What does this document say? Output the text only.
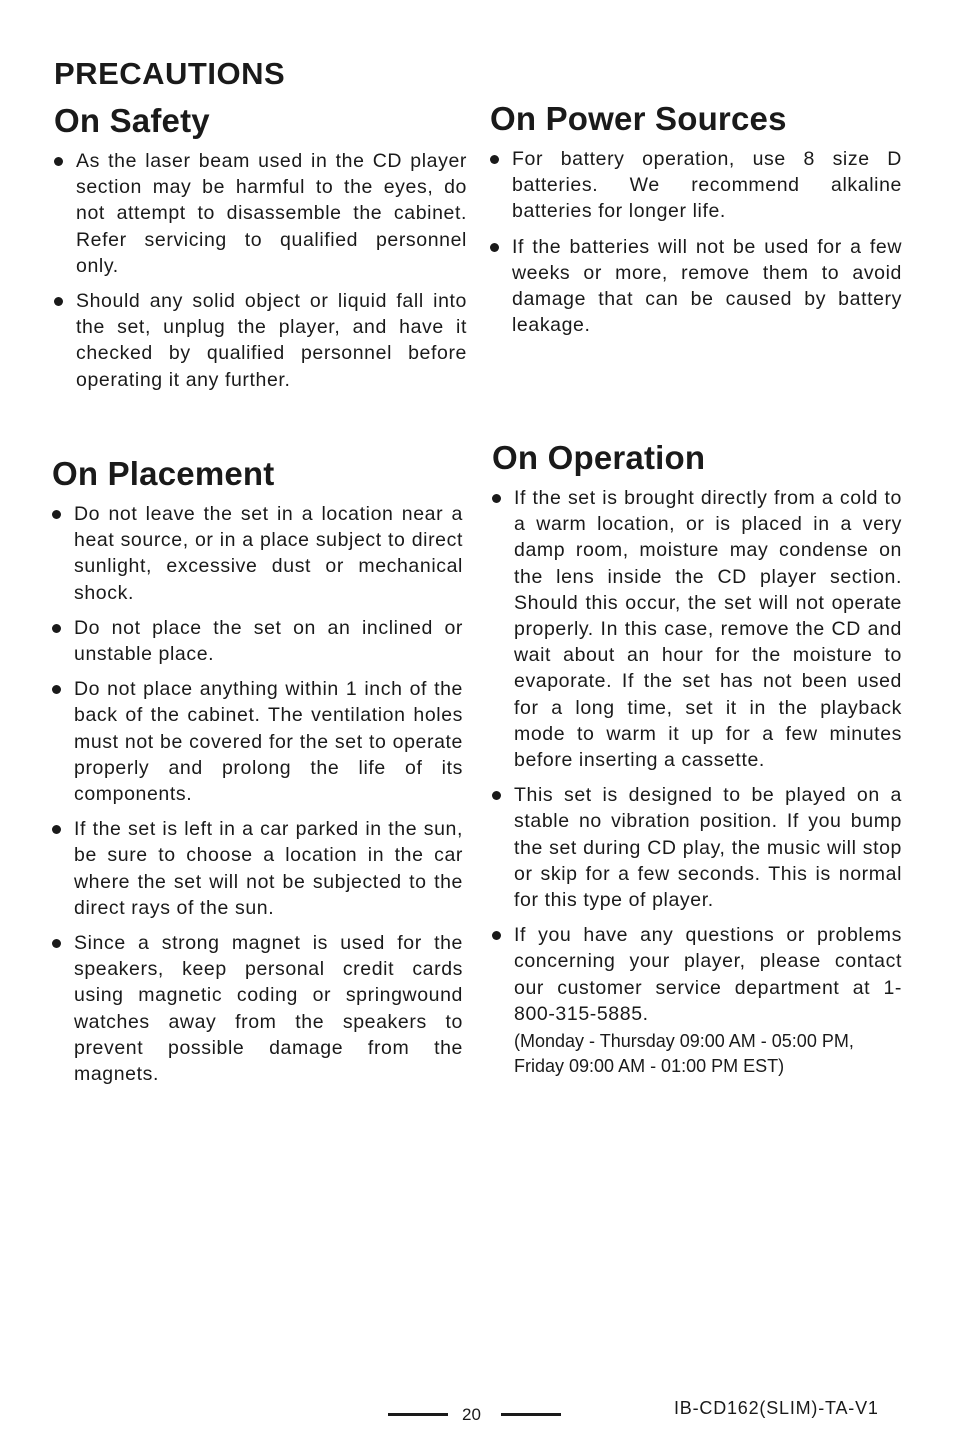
PRECAUTIONS
On Safety
As the laser beam used in the CD player section may be harmful to the eyes, do not attempt to disassemble the cabinet. Refer servicing to qualified personnel only.
Should any solid object or liquid fall into the set, unplug the player, and have it checked by qualified personnel before operating it any further.
On Power Sources
For battery operation, use 8 size D batteries. We recommend alkaline batteries for longer life.
If the batteries will not be used for a few weeks or more, remove them to avoid damage that can be caused by battery leakage.
On Placement
Do not leave the set in a location near a heat source, or in a place subject to direct sunlight, excessive dust or mechanical shock.
Do not place the set on an inclined or unstable place.
Do not place anything within 1 inch of the back of the cabinet. The ventilation holes must not be covered for the set to operate properly and prolong the life of its components.
If the set is left in a car parked in the sun, be sure to choose a location in the car where the set will not be subjected to the direct rays of the sun.
Since a strong magnet is used for the speakers, keep personal credit cards using magnetic coding or springwound watches away from the speakers to prevent possible damage from the magnets.
On Operation
If the set is brought directly from a cold to a warm location, or is placed in a very damp room, moisture may condense on the lens inside the CD player section. Should this occur, the set will not operate properly. In this case, remove the CD and wait about an hour for the moisture to evaporate. If the set has not been used for a long time, set it in the playback mode to warm it up for a few minutes before inserting a cassette.
This set is designed to be played on a stable no vibration position. If you bump the set during CD play, the music will stop or skip for a few seconds. This is normal for this type of player.
If you have any questions or problems concerning your player, please contact our customer service department at 1-800-315-5885.
(Monday - Thursday 09:00 AM - 05:00 PM,
Friday 09:00 AM - 01:00 PM EST)
20	IB-CD162(SLIM)-TA-V1
